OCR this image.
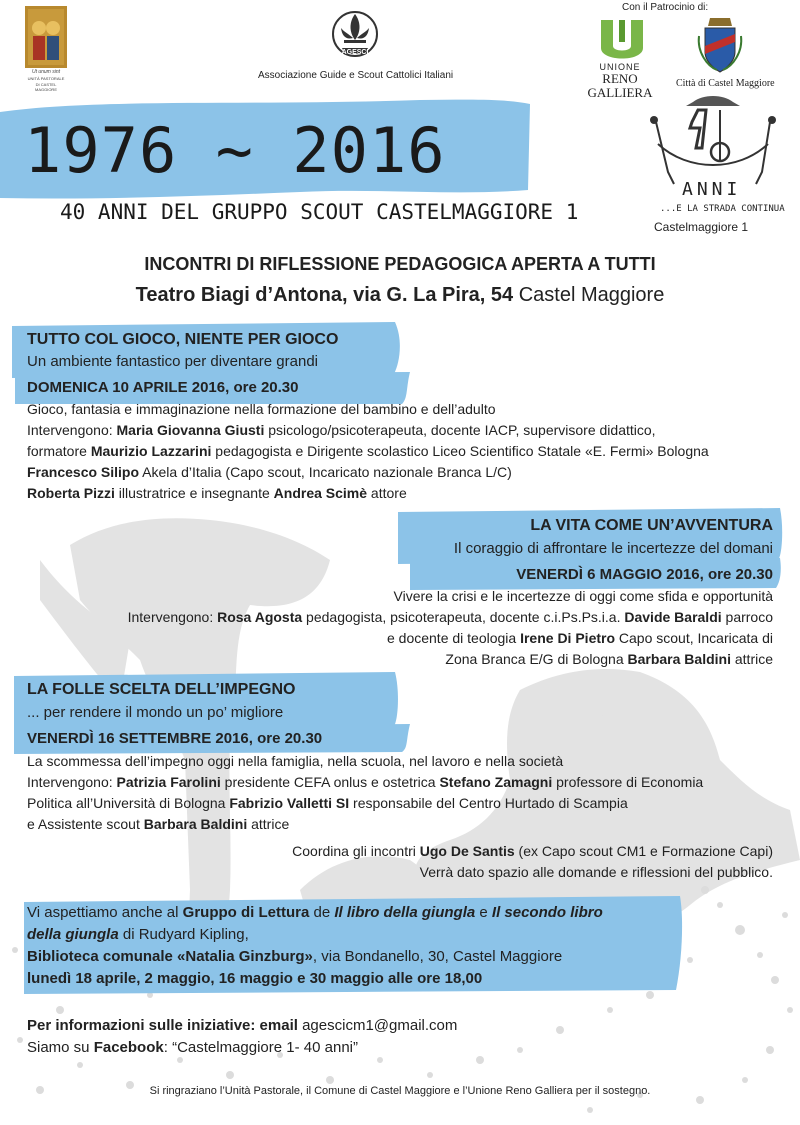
Ut unum sint
UNITÀ PASTORALE
DI CASTEL MAGGIORE
AGESCI
Associazione Guide e Scout Cattolici Italiani
Con il Patrocinio di:
UNIONE
RENO GALLIERA
Città di Castel Maggiore
1976 ~ 2016
40 ANNI DEL GRUPPO SCOUT CASTELMAGGIORE 1
ANNI
...E LA STRADA CONTINUA
Castelmaggiore 1
INCONTRI DI RIFLESSIONE PEDAGOGICA APERTA A TUTTI
Teatro Biagi d’Antona, via G. La Pira, 54 Castel Maggiore
TUTTO COL GIOCO, NIENTE PER GIOCO
Un ambiente fantastico per diventare grandi
DOMENICA 10 APRILE 2016, ore 20.30
Gioco, fantasia e immaginazione nella formazione del bambino e dell’adulto
Intervengono: Maria Giovanna Giusti psicologo/psicoterapeuta, docente IACP, supervisore didattico,
formatore Maurizio Lazzarini pedagogista e Dirigente scolastico Liceo Scientifico Statale «E. Fermi» Bologna
Francesco Silipo Akela d’Italia (Capo scout, Incaricato nazionale Branca L/C)
Roberta Pizzi illustratrice e insegnante Andrea Scimè attore
LA VITA COME UN’AVVENTURA
Il coraggio di affrontare le incertezze del domani
VENERDÌ 6 MAGGIO 2016, ore 20.30
Vivere la crisi e le incertezze di oggi come sfida e opportunità
Intervengono: Rosa Agosta pedagogista, psicoterapeuta, docente c.i.Ps.Ps.i.a. Davide Baraldi parroco
e docente di teologia Irene Di Pietro Capo scout, Incaricata di
Zona Branca E/G di Bologna Barbara Baldini attrice
LA FOLLE SCELTA DELL’IMPEGNO
... per rendere il mondo un po’ migliore
VENERDÌ 16 SETTEMBRE 2016, ore 20.30
La scommessa dell’impegno oggi nella famiglia, nella scuola, nel lavoro e nella società
Intervengono: Patrizia Farolini presidente CEFA onlus e ostetrica Stefano Zamagni professore di Economia
Politica all’Università di Bologna Fabrizio Valletti SI responsabile del Centro Hurtado di Scampia
e Assistente scout Barbara Baldini attrice
Coordina gli incontri Ugo De Santis (ex Capo scout CM1 e Formazione Capi)
Verrà dato spazio alle domande e riflessioni del pubblico.
Vi aspettiamo anche al Gruppo di Lettura de Il libro della giungla e Il secondo libro
della giungla di Rudyard Kipling,
Biblioteca comunale «Natalia Ginzburg», via Bondanello, 30, Castel Maggiore
lunedì 18 aprile, 2 maggio, 16 maggio e 30 maggio alle ore 18,00
Per informazioni sulle iniziative: email agescicm1@gmail.com
Siamo su Facebook: “Castelmaggiore 1- 40 anni”
Si ringraziano l’Unità Pastorale, il Comune di Castel Maggiore e l’Unione Reno Galliera per il sostegno.
